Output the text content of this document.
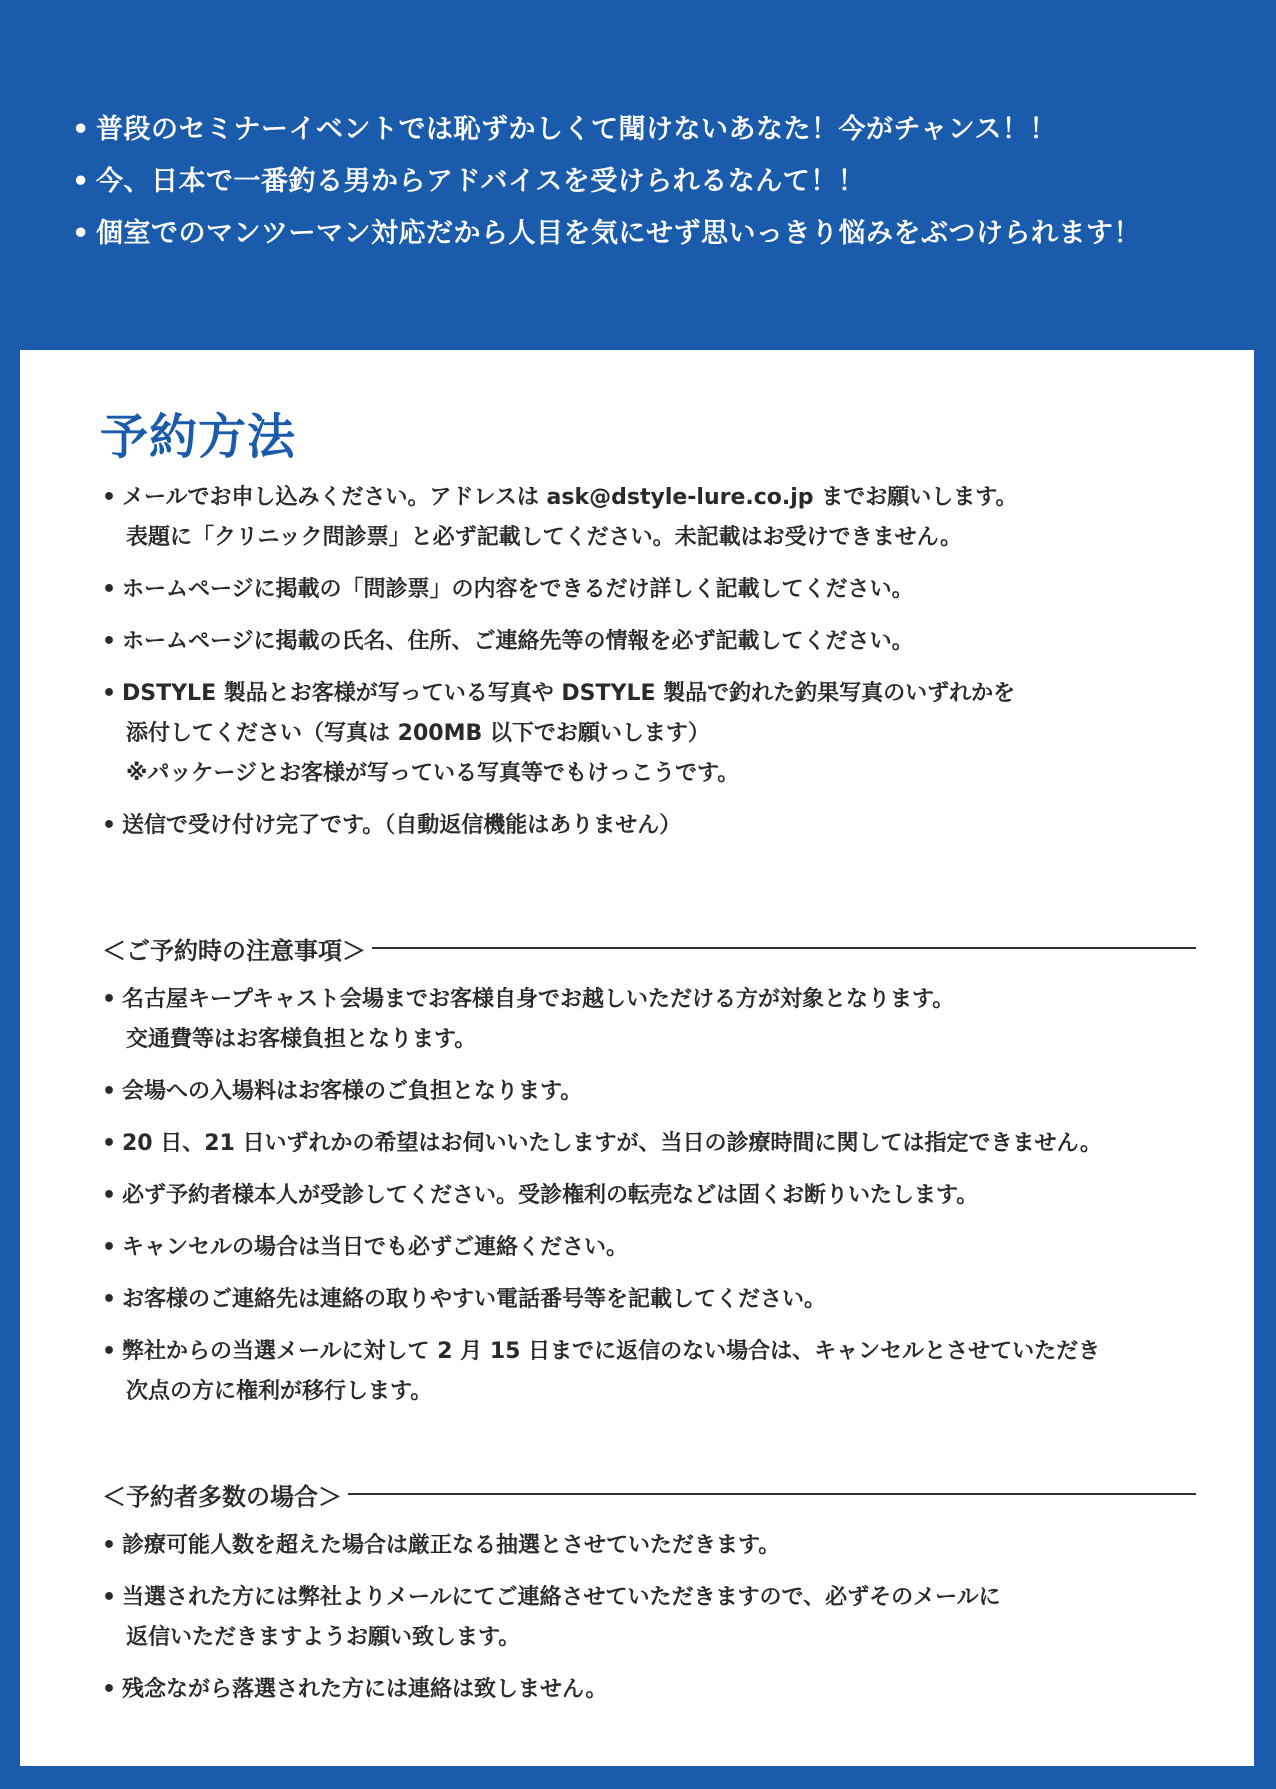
• 普段のセミナーイベントでは恥ずかしくて聞けないあなた！今がチャンス！！
• 今、日本で一番釣る男からアドバイスを受けられるなんて！！
• 個室でのマンツーマン対応だから人目を気にせず思いっきり悩みをぶつけられます！
予約方法
• メールでお申し込みください。アドレスは ask@dstyle-lure.co.jp までお願いします。
表題に「クリニック問診票」と必ず記載してください。未記載はお受けできません。
• ホームページに掲載の「問診票」の内容をできるだけ詳しく記載してください。
• ホームページに掲載の氏名、住所、ご連絡先等の情報を必ず記載してください。
• DSTYLE 製品とお客様が写っている写真や DSTYLE 製品で釣れた釣果写真のいずれかを
添付してください（写真は 200MB 以下でお願いします）
※パッケージとお客様が写っている写真等でもけっこうです。
• 送信で受け付け完了です。（自動返信機能はありません）
＜ご予約時の注意事項＞
• 名古屋キープキャスト会場までお客様自身でお越しいただける方が対象となります。
交通費等はお客様負担となります。
• 会場への入場料はお客様のご負担となります。
• 20 日、21 日いずれかの希望はお伺いいたしますが、当日の診療時間に関しては指定できません。
• 必ず予約者様本人が受診してください。受診権利の転売などは固くお断りいたします。
• キャンセルの場合は当日でも必ずご連絡ください。
• お客様のご連絡先は連絡の取りやすい電話番号等を記載してください。
• 弊社からの当選メールに対して 2 月 15 日までに返信のない場合は、キャンセルとさせていただき
次点の方に権利が移行します。
＜予約者多数の場合＞
• 診療可能人数を超えた場合は厳正なる抽選とさせていただきます。
• 当選された方には弊社よりメールにてご連絡させていただきますので、必ずそのメールに
返信いただきますようお願い致します。
• 残念ながら落選された方には連絡は致しません。
